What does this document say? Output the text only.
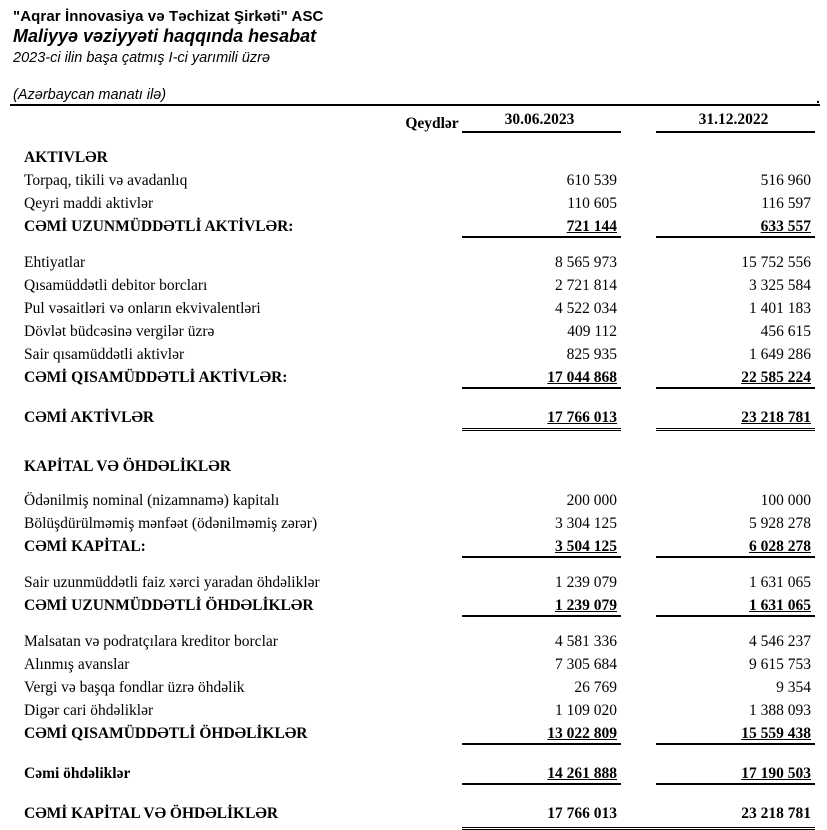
"Aqrar İnnovasiya və Təchizat Şirkəti" ASC
Maliyyə vəziyyəti haqqında hesabat
2023-ci ilin başa çatmış I-ci yarımili üzrə
(Azərbaycan manatı ilə)	.
Qeydlər	30.06.2023	31.12.2022
AKTIVLƏR
Torpaq, tikili və avadanlıq	610 539	516 960
Qeyri maddi aktivlər	110 605	116 597
CƏMİ UZUNMÜDDƏTLİ AKTİVLƏR:	721 144	633 557
Ehtiyatlar	8 565 973	15 752 556
Qısamüddətli debitor borcları	2 721 814	3 325 584
Pul vəsaitləri və onların ekvivalentləri	4 522 034	1 401 183
Dövlət büdcəsinə vergilər üzrə	409 112	456 615
Sair qısamüddətli aktivlər	825 935	1 649 286
CƏMİ QISAMÜDDƏTLİ AKTİVLƏR:	17 044 868	22 585 224
CƏMİ AKTİVLƏR	17 766 013	23 218 781
KAPİTAL VƏ ÖHDƏLİKLƏR
Ödənilmiş nominal (nizamnamə) kapitalı	200 000	100 000
Bölüşdürülməmiş mənfəət (ödənilməmiş zərər)	3 304 125	5 928 278
CƏMİ KAPİTAL:	3 504 125	6 028 278
Sair uzunmüddətli faiz xərci yaradan öhdəliklər	1 239 079	1 631 065
CƏMİ UZUNMÜDDƏTLİ ÖHDƏLİKLƏR	1 239 079	1 631 065
Malsatan və podratçılara kreditor borclar	4 581 336	4 546 237
Alınmış avanslar	7 305 684	9 615 753
Vergi və başqa fondlar üzrə öhdəlik	26 769	9 354
Digər cari öhdəliklər	1 109 020	1 388 093
CƏMİ QISAMÜDDƏTLİ ÖHDƏLİKLƏR	13 022 809	15 559 438
Cəmi öhdəliklər	14 261 888	17 190 503
CƏMİ KAPİTAL VƏ ÖHDƏLİKLƏR	17 766 013	23 218 781
